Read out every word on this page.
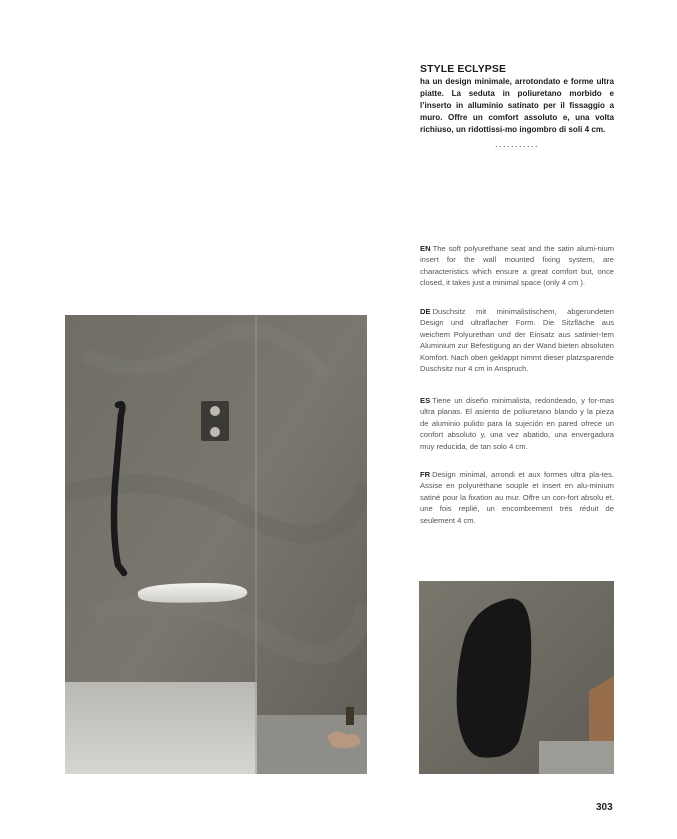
STYLE ECLYPSE

ha un design minimale, arrotondato e forme ultra piatte. La seduta in poliuretano morbido e l’inserto in alluminio satinato per il fissaggio a muro. Offre un comfort assoluto e, una volta richiuso, un ridottissi-mo ingombro di soli 4 cm.

...........

EN The soft polyurethane seat and the satin alumi-nium insert for the wall mounted fixing system, are characteristics which ensure a great comfort but, once closed, it takes just a minimal space (only 4 cm ).

DE Duschsitz mit minimalistischem, abgerundeten Design und ultraflacher Form. Die Sitzfläche aus weichem Polyurethan und der Einsatz aus satinier-tem Aluminium zur Befestigung an der Wand bieten absoluten Komfort. Nach oben geklappt nimmt dieser platzsparende Duschsitz nur 4 cm in Anspruch.

ES Tiene un diseño minimalista, redondeado, y for-mas ultra planas. El asiento de poliuretano blando y la pieza de aluminio pulido para la sujeción en pared ofrece un confort absoluto y, una vez abatido, una envergadura muy reducida, de tan solo 4 cm.

FR Design minimal, arrondi et aux formes ultra pla-tes. Assise en polyuréthane souple et insert en alu-minium satiné pour la fixation au mur. Offre un con-fort absolu et, une fois replié, un encombrement très réduit de seulement 4 cm.

303
